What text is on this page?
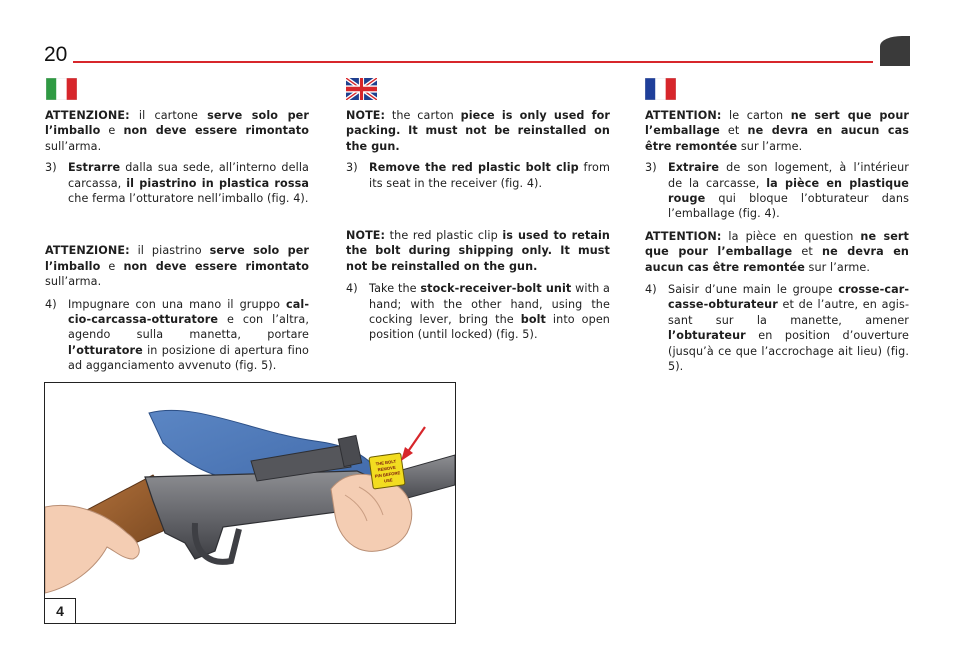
20

ATTENZIONE: il cartone serve solo per l’imballo e non deve essere rimontato sull’arma.

3) Estrarre dalla sua sede, all’interno della carcassa, il piastrino in plastica rossa che ferma l’otturatore nell’imballo (fig. 4).

ATTENZIONE: il piastrino serve solo per l’imballo e non deve essere rimontato sull’arma.

4) Impugnare con una mano il gruppo calcio-carcassa-otturatore e con l’altra, agendo sulla manetta, portare l’otturatore in posizione di apertura fino ad agganciamento avvenuto (fig. 5).

NOTE: the carton piece is only used for packing. It must not be reinstalled on the gun.

3) Remove the red plastic bolt clip from its seat in the receiver (fig. 4).

NOTE: the red plastic clip is used to retain the bolt during shipping only. It must not be reinstalled on the gun.

4) Take the stock-receiver-bolt unit with a hand; with the other hand, using the cocking lever, bring the bolt into open position (until locked) (fig. 5).

ATTENTION: le carton ne sert que pour l’emballage et ne devra en aucun cas être remontée sur l’arme.

3) Extraire de son logement, à l’intérieur de la carcasse, la pièce en plastique rouge qui bloque l’obturateur dans l’emballage (fig. 4).

ATTENTION: la pièce en question ne sert que pour l’emballage et ne devra en aucun cas être remontée sur l’arme.

4) Saisir d’une main le groupe crosse-carcasse-obturateur et de l’autre, en agissant sur la manette, amener l’obturateur en position d’ouverture (jusqu’à ce que l’accrochage ait lieu) (fig. 5).

THE BOLT
REMOVE
PIN BEFORE
USE
4
